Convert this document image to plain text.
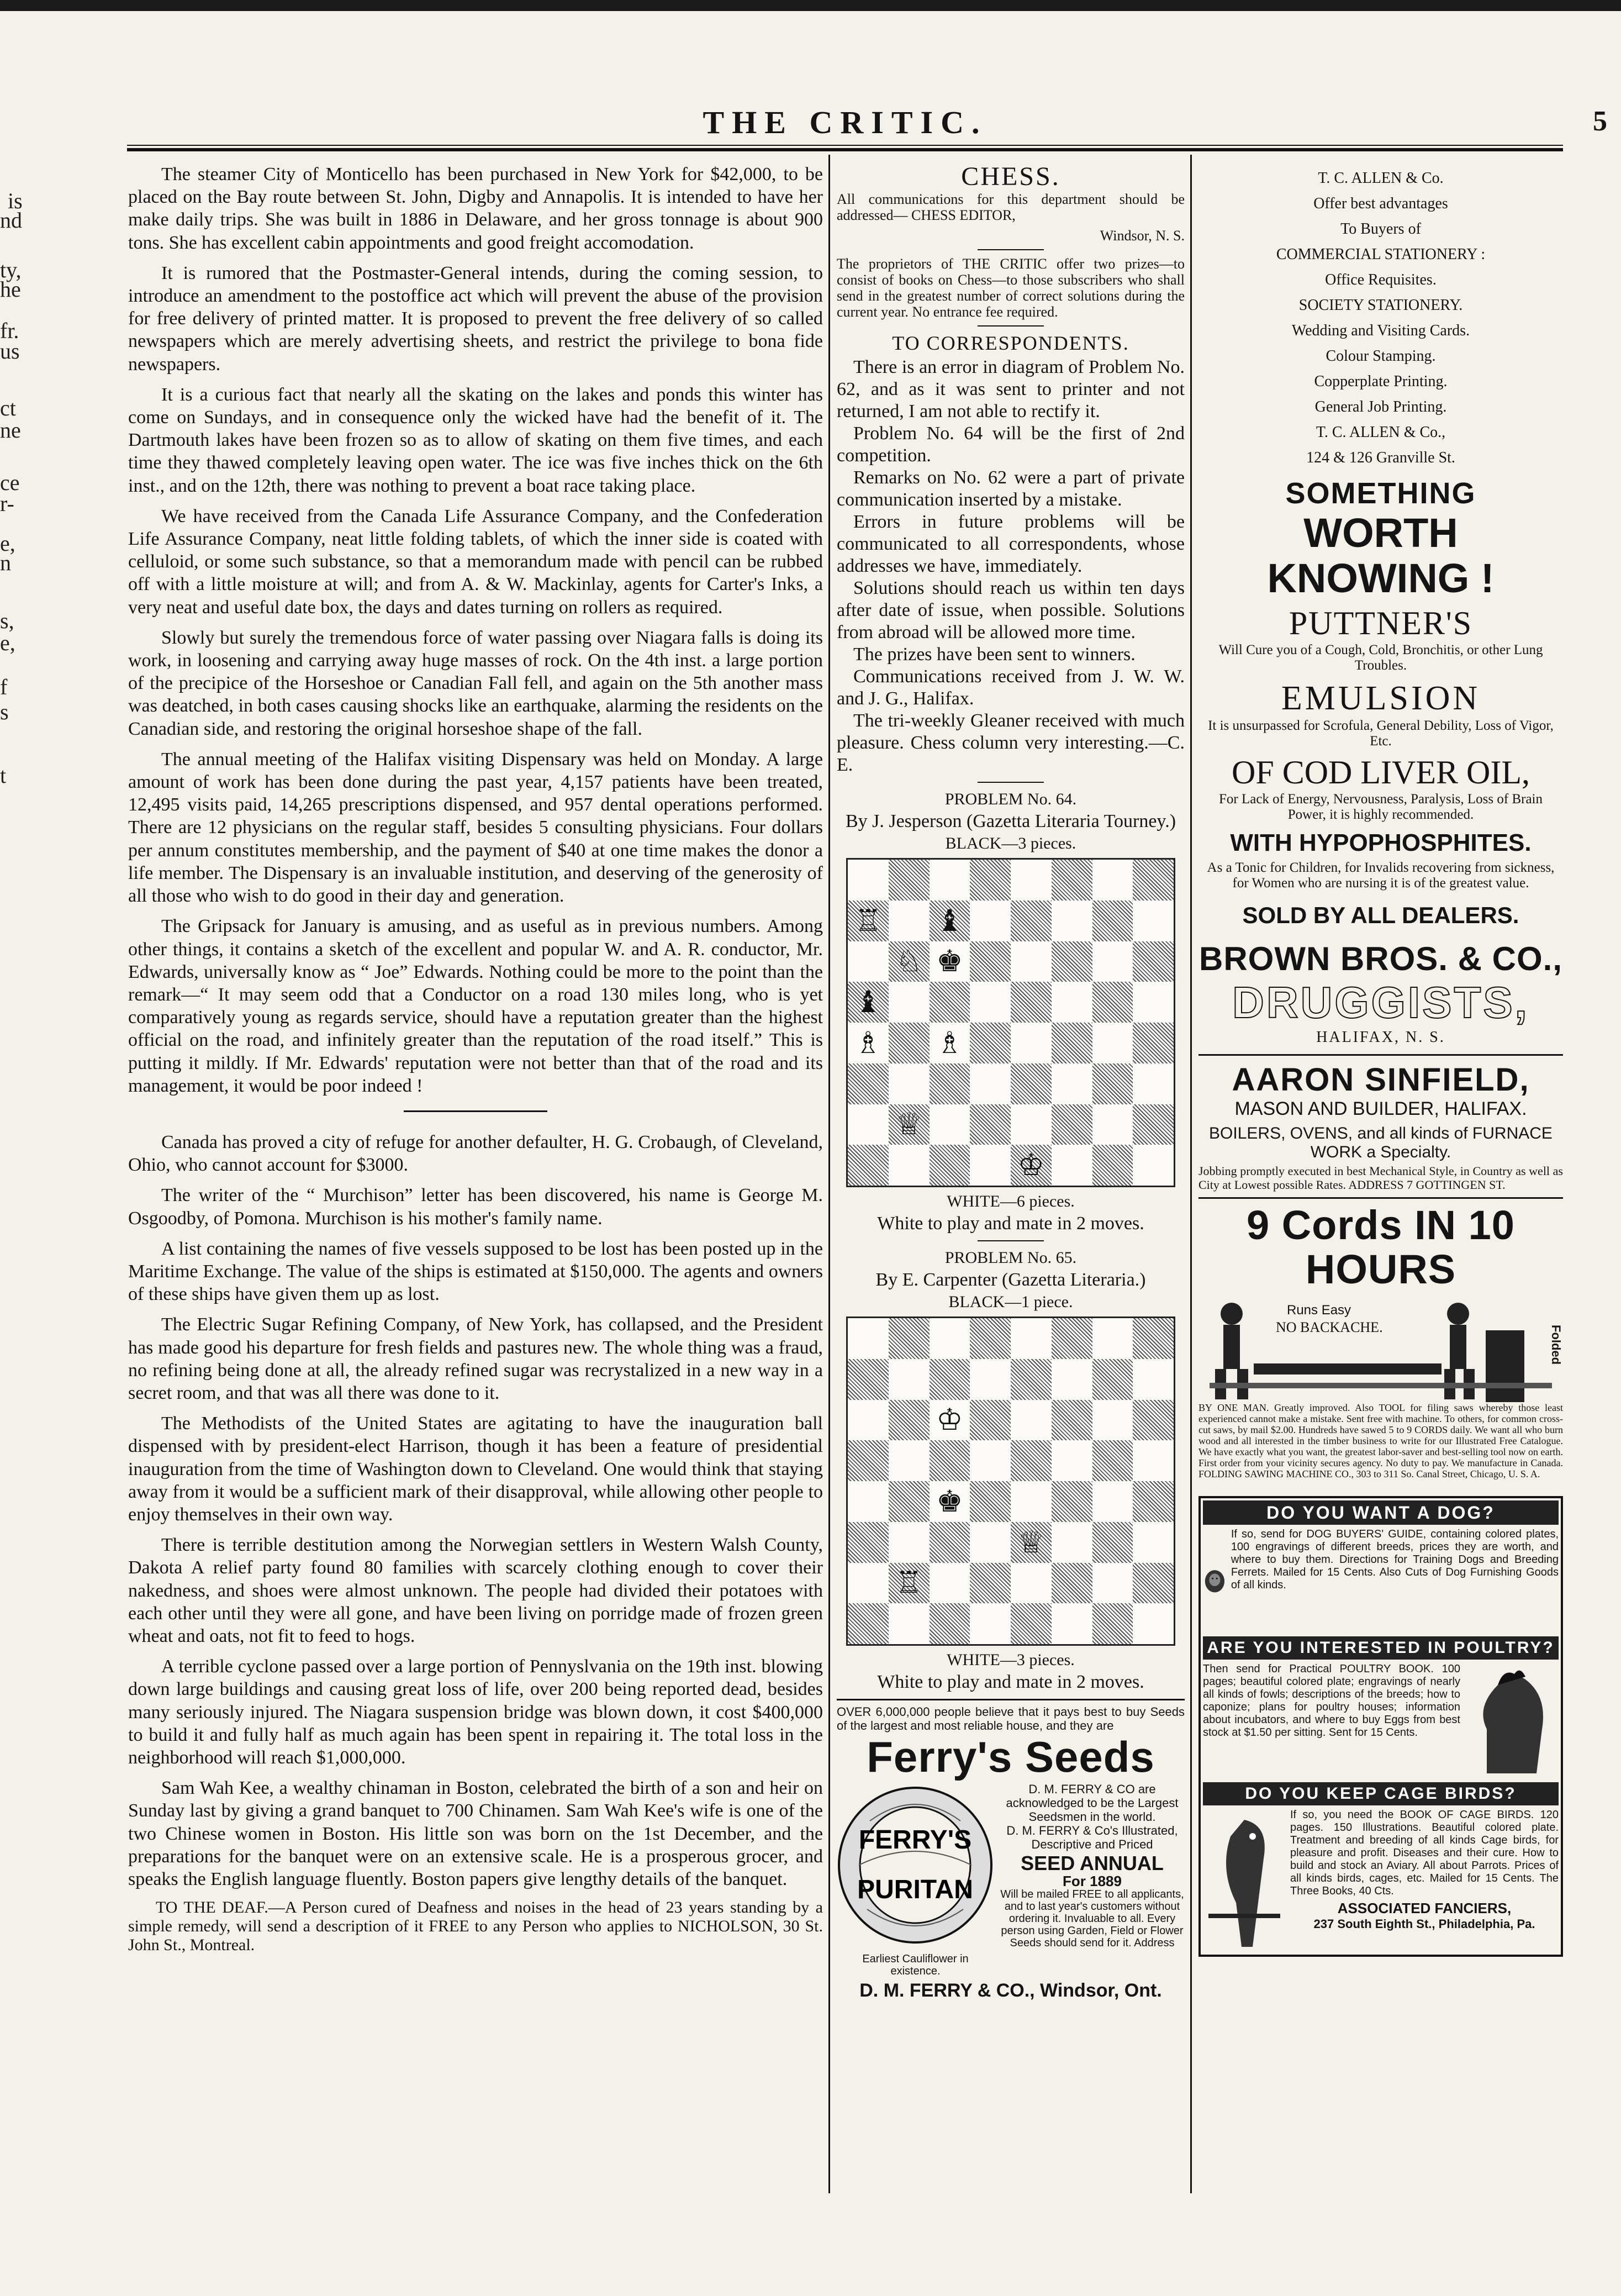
is
nd
ty,
he
fr.
us
ct
ne
ce
r-
e,
n
s,
e,
f
s
t
THE CRITIC.	5

The steamer City of Monticello has been purchased in New York for $42,000, to be placed on the Bay route between St. John, Digby and Annapolis. It is intended to have her make daily trips. She was built in 1886 in Delaware, and her gross tonnage is about 900 tons. She has excellent cabin appointments and good freight accomodation.

It is rumored that the Postmaster-General intends, during the coming session, to introduce an amendment to the postoffice act which will prevent the abuse of the provision for free delivery of printed matter. It is proposed to prevent the free delivery of so called newspapers which are merely advertising sheets, and restrict the privilege to bona fide newspapers.

It is a curious fact that nearly all the skating on the lakes and ponds this winter has come on Sundays, and in consequence only the wicked have had the benefit of it. The Dartmouth lakes have been frozen so as to allow of skating on them five times, and each time they thawed completely leaving open water. The ice was five inches thick on the 6th inst., and on the 12th, there was nothing to prevent a boat race taking place.

We have received from the Canada Life Assurance Company, and the Confederation Life Assurance Company, neat little folding tablets, of which the inner side is coated with celluloid, or some such substance, so that a memorandum made with pencil can be rubbed off with a little moisture at will; and from A. & W. Mackinlay, agents for Carter's Inks, a very neat and useful date box, the days and dates turning on rollers as required.

Slowly but surely the tremendous force of water passing over Niagara falls is doing its work, in loosening and carrying away huge masses of rock. On the 4th inst. a large portion of the precipice of the Horseshoe or Canadian Fall fell, and again on the 5th another mass was deatched, in both cases causing shocks like an earthquake, alarming the residents on the Canadian side, and restoring the original horseshoe shape of the fall.

The annual meeting of the Halifax visiting Dispensary was held on Monday. A large amount of work has been done during the past year, 4,157 patients have been treated, 12,495 visits paid, 14,265 prescriptions dispensed, and 957 dental operations performed. There are 12 physicians on the regular staff, besides 5 consulting physicians. Four dollars per annum constitutes membership, and the payment of $40 at one time makes the donor a life member. The Dispensary is an invaluable institution, and deserving of the generosity of all those who wish to do good in their day and generation.

The Gripsack for January is amusing, and as useful as in previous numbers. Among other things, it contains a sketch of the excellent and popular W. and A. R. conductor, Mr. Edwards, universally know as “ Joe” Edwards. Nothing could be more to the point than the remark—“ It may seem odd that a Conductor on a road 130 miles long, who is yet comparatively young as regards service, should have a reputation greater than the highest official on the road, and infinitely greater than the reputation of the road itself.” This is putting it mildly. If Mr. Edwards' reputation were not better than that of the road and its management, it would be poor indeed !

Canada has proved a city of refuge for another defaulter, H. G. Crobaugh, of Cleveland, Ohio, who cannot account for $3000.

The writer of the “ Murchison” letter has been discovered, his name is George M. Osgoodby, of Pomona. Murchison is his mother's family name.

A list containing the names of five vessels supposed to be lost has been posted up in the Maritime Exchange. The value of the ships is estimated at $150,000. The agents and owners of these ships have given them up as lost.

The Electric Sugar Refining Company, of New York, has collapsed, and the President has made good his departure for fresh fields and pastures new. The whole thing was a fraud, no refining being done at all, the already refined sugar was recrystalized in a new way in a secret room, and that was all there was done to it.

The Methodists of the United States are agitating to have the inauguration ball dispensed with by president-elect Harrison, though it has been a feature of presidential inauguration from the time of Washington down to Cleveland. One would think that staying away from it would be a sufficient mark of their disapproval, while allowing other people to enjoy themselves in their own way.

There is terrible destitution among the Norwegian settlers in Western Walsh County, Dakota A relief party found 80 families with scarcely clothing enough to cover their nakedness, and shoes were almost unknown. The people had divided their potatoes with each other until they were all gone, and have been living on porridge made of frozen green wheat and oats, not fit to feed to hogs.

A terrible cyclone passed over a large portion of Pennyslvania on the 19th inst. blowing down large buildings and causing great loss of life, over 200 being reported dead, besides many seriously injured. The Niagara suspension bridge was blown down, it cost $400,000 to build it and fully half as much again has been spent in repairing it. The total loss in the neighborhood will reach $1,000,000.

Sam Wah Kee, a wealthy chinaman in Boston, celebrated the birth of a son and heir on Sunday last by giving a grand banquet to 700 Chinamen. Sam Wah Kee's wife is one of the two Chinese women in Boston. His little son was born on the 1st December, and the preparations for the banquet were on an extensive scale. He is a prosperous grocer, and speaks the English language fluently. Boston papers give lengthy details of the banquet.

TO THE DEAF.—A Person cured of Deafness and noises in the head of 23 years standing by a simple remedy, will send a description of it FREE to any Person who applies to NICHOLSON, 30 St. John St., Montreal.

CHESS.

All communications for this department should be addressed— CHESS EDITOR,

Windsor, N. S.

The proprietors of THE CRITIC offer two prizes—to consist of books on Chess—to those subscribers who shall send in the greatest number of correct solutions during the current year. No entrance fee required.

TO CORRESPONDENTS.

There is an error in diagram of Problem No. 62, and as it was sent to printer and not returned, I am not able to rectify it.

Problem No. 64 will be the first of 2nd competition.

Remarks on No. 62 were a part of private communication inserted by a mistake.

Errors in future problems will be communicated to all correspondents, whose addresses we have, immediately.

Solutions should reach us within ten days after date of issue, when possible. Solutions from abroad will be allowed more time.

The prizes have been sent to winners.

Communications received from J. W. W. and J. G., Halifax.

The tri-weekly Gleaner received with much pleasure. Chess column very interesting.—C. E.

PROBLEM No. 64.

By J. Jesperson (Gazetta Literaria Tourney.)

BLACK—3 pieces.

♖ ♝
♘ ♚
♝
♗ ♗
♕
♔

WHITE—6 pieces.

White to play and mate in 2 moves.

PROBLEM No. 65.

By E. Carpenter (Gazetta Literaria.)

BLACK—1 piece.

♔
♚
♕
♖

WHITE—3 pieces.

White to play and mate in 2 moves.

OVER 6,000,000 people believe that it pays best to buy Seeds of the largest and most reliable house, and they are

Ferry's Seeds

FERRY'S
PURITAN

Earliest Cauliflower in existence.

D. M. FERRY & CO are acknowledged to be the Largest Seedsmen in the world.

D. M. FERRY & Co's Illustrated, Descriptive and Priced

SEED ANNUAL

For 1889

Will be mailed FREE to all applicants, and to last year's customers without ordering it. Invaluable to all. Every person using Garden, Field or Flower Seeds should send for it. Address

D. M. FERRY & CO., Windsor, Ont.

T. C. ALLEN & Co.

Offer best advantages

To Buyers of

COMMERCIAL STATIONERY :

Office Requisites.

SOCIETY STATIONERY.

Wedding and Visiting Cards.

Colour Stamping.

Copperplate Printing.

General Job Printing.

T. C. ALLEN & Co.,

124 & 126 Granville St.

SOMETHING

WORTH KNOWING !

PUTTNER'S

Will Cure you of a Cough, Cold, Bronchitis, or other Lung Troubles.

EMULSION

It is unsurpassed for Scrofula, General Debility, Loss of Vigor, Etc.

OF COD LIVER OIL,

For Lack of Energy, Nervousness, Paralysis, Loss of Brain Power, it is highly recommended.

WITH HYPOPHOSPHITES.

As a Tonic for Children, for Invalids recovering from sickness, for Women who are nursing it is of the greatest value.

SOLD BY ALL DEALERS.

BROWN BROS. & CO.,

DRUGGISTS,

HALIFAX, N. S.

AARON SINFIELD,

MASON AND BUILDER, HALIFAX.

BOILERS, OVENS, and all kinds of FURNACE

WORK a Specialty.

Jobbing promptly executed in best Mechanical Style, in Country as well as City at Lowest possible Rates. ADDRESS 7 GOTTINGEN ST.

9 Cords IN 10 HOURS

Runs Easy
NO BACKACHE.	Folded

BY ONE MAN. Greatly improved. Also TOOL for filing saws whereby those least experienced cannot make a mistake. Sent free with machine. To others, for common cross-cut saws, by mail $2.00. Hundreds have sawed 5 to 9 CORDS daily. We want all who burn wood and all interested in the timber business to write for our Illustrated Free Catalogue. We have exactly what you want, the greatest labor-saver and best-selling tool now on earth. First order from your vicinity secures agency. No duty to pay. We manufacture in Canada. FOLDING SAWING MACHINE CO., 303 to 311 So. Canal Street, Chicago, U. S. A.

DO YOU WANT A DOG?

If so, send for DOG BUYERS' GUIDE, containing colored plates, 100 engravings of different breeds, prices they are worth, and where to buy them. Directions for Training Dogs and Breeding Ferrets. Mailed for 15 Cents. Also Cuts of Dog Furnishing Goods of all kinds.

ARE YOU INTERESTED IN POULTRY?

Then send for Practical POULTRY BOOK. 100 pages; beautiful colored plate; engravings of nearly all kinds of fowls; descriptions of the breeds; how to caponize; plans for poultry houses; information about incubators, and where to buy Eggs from best stock at $1.50 per sitting. Sent for 15 Cents.

DO YOU KEEP CAGE BIRDS?

If so, you need the BOOK OF CAGE BIRDS. 120 pages. 150 Illustrations. Beautiful colored plate. Treatment and breeding of all kinds Cage birds, for pleasure and profit. Diseases and their cure. How to build and stock an Aviary. All about Parrots. Prices of all kinds birds, cages, etc. Mailed for 15 Cents. The Three Books, 40 Cts.

ASSOCIATED FANCIERS,

237 South Eighth St., Philadelphia, Pa.
